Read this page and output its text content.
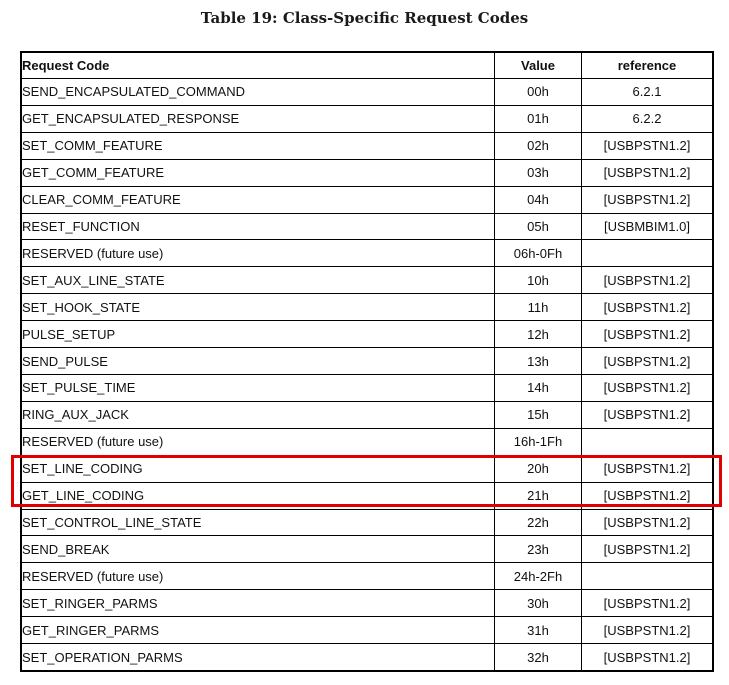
Table 19: Class-Specific Request Codes
Request Code	Value	reference
SEND_ENCAPSULATED_COMMAND	00h	6.2.1
GET_ENCAPSULATED_RESPONSE	01h	6.2.2
SET_COMM_FEATURE	02h	[USBPSTN1.2]
GET_COMM_FEATURE	03h	[USBPSTN1.2]
CLEAR_COMM_FEATURE	04h	[USBPSTN1.2]
RESET_FUNCTION	05h	[USBMBIM1.0]
RESERVED (future use)	06h-0Fh	
SET_AUX_LINE_STATE	10h	[USBPSTN1.2]
SET_HOOK_STATE	11h	[USBPSTN1.2]
PULSE_SETUP	12h	[USBPSTN1.2]
SEND_PULSE	13h	[USBPSTN1.2]
SET_PULSE_TIME	14h	[USBPSTN1.2]
RING_AUX_JACK	15h	[USBPSTN1.2]
RESERVED (future use)	16h-1Fh	
SET_LINE_CODING	20h	[USBPSTN1.2]
GET_LINE_CODING	21h	[USBPSTN1.2]
SET_CONTROL_LINE_STATE	22h	[USBPSTN1.2]
SEND_BREAK	23h	[USBPSTN1.2]
RESERVED (future use)	24h-2Fh	
SET_RINGER_PARMS	30h	[USBPSTN1.2]
GET_RINGER_PARMS	31h	[USBPSTN1.2]
SET_OPERATION_PARMS	32h	[USBPSTN1.2]
